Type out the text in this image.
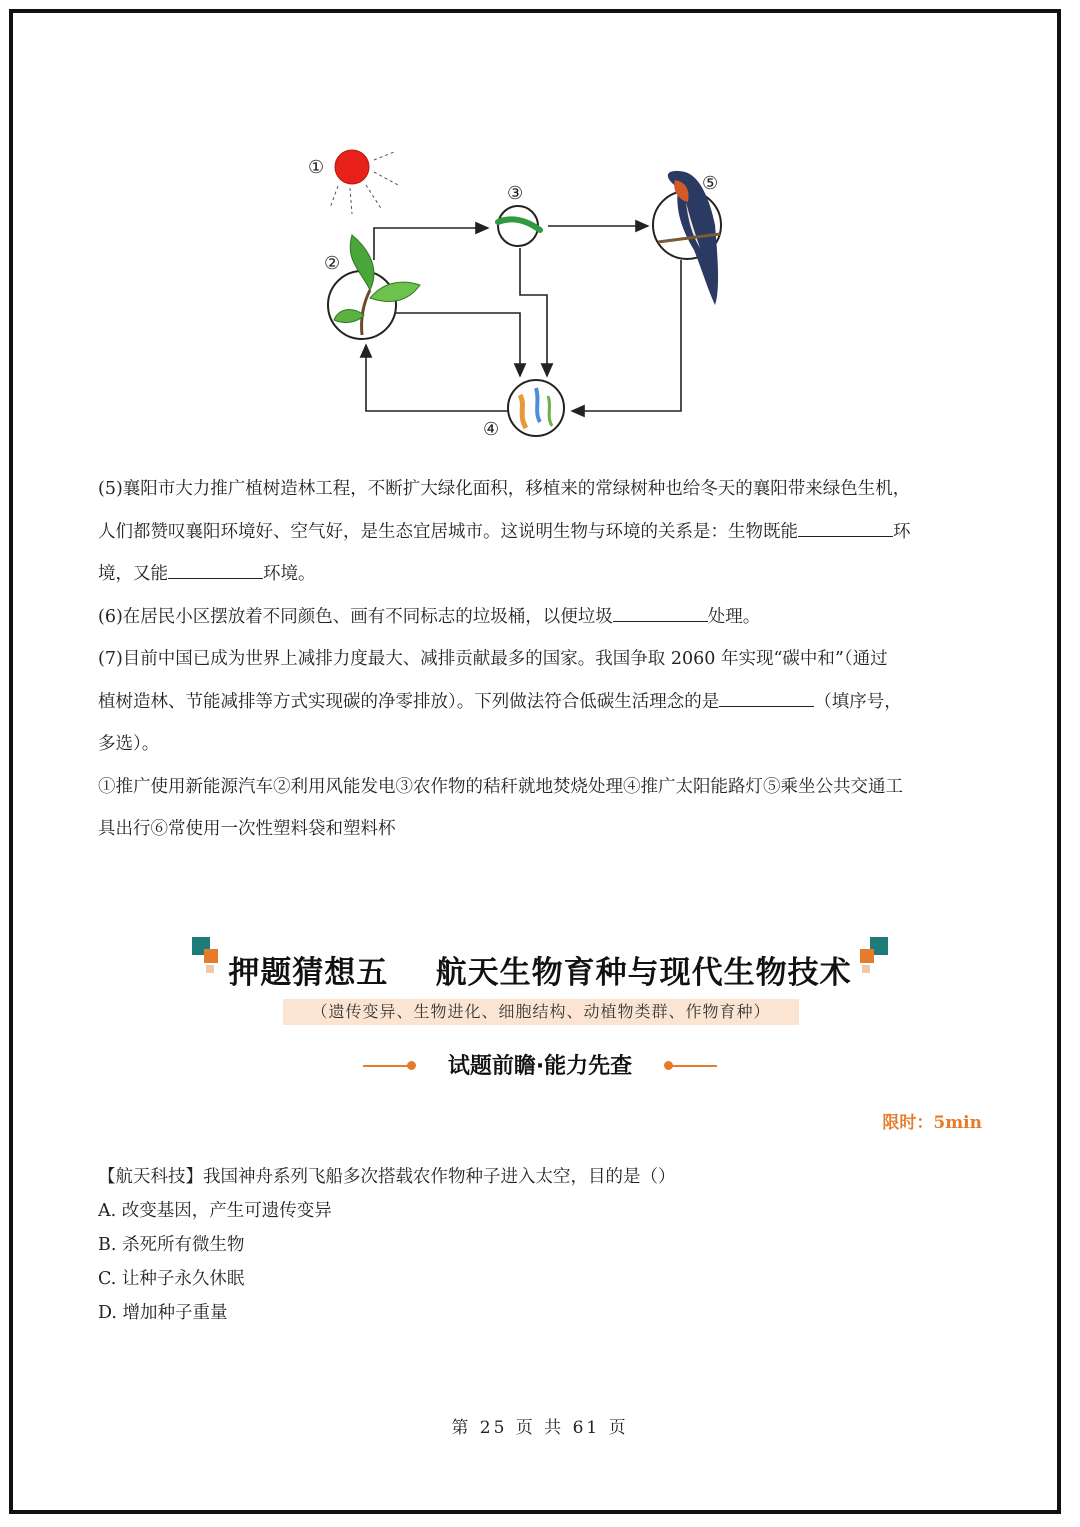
①
②
③
④
⑤

(5)襄阳市大力推广植树造林工程，不断扩大绿化面积，移植来的常绿树种也给冬天的襄阳带来绿色生机，

人们都赞叹襄阳环境好、空气好，是生态宜居城市。这说明生物与环境的关系是：生物既能	环

境，又能	环境。

(6)在居民小区摆放着不同颜色、画有不同标志的垃圾桶，以便垃圾	处理。

(7)目前中国已成为世界上减排力度最大、减排贡献最多的国家。我国争取 2060 年实现“碳中和”（通过

植树造林、节能减排等方式实现碳的净零排放）。下列做法符合低碳生活理念的是	（填序号，

多选）。

①推广使用新能源汽车②利用风能发电③农作物的秸秆就地焚烧处理④推广太阳能路灯⑤乘坐公共交通工

具出行⑥常使用一次性塑料袋和塑料杯

押题猜想五    航天生物育种与现代生物技术
（遗传变异、生物进化、细胞结构、动植物类群、作物育种）
试题前瞻·能力先查
限时：5min
【航天科技】我国神舟系列飞船多次搭载农作物种子进入太空，目的是（）
A. 改变基因，产生可遗传变异
B. 杀死所有微生物
C. 让种子永久休眠
D. 增加种子重量
第 25 页 共 61 页
